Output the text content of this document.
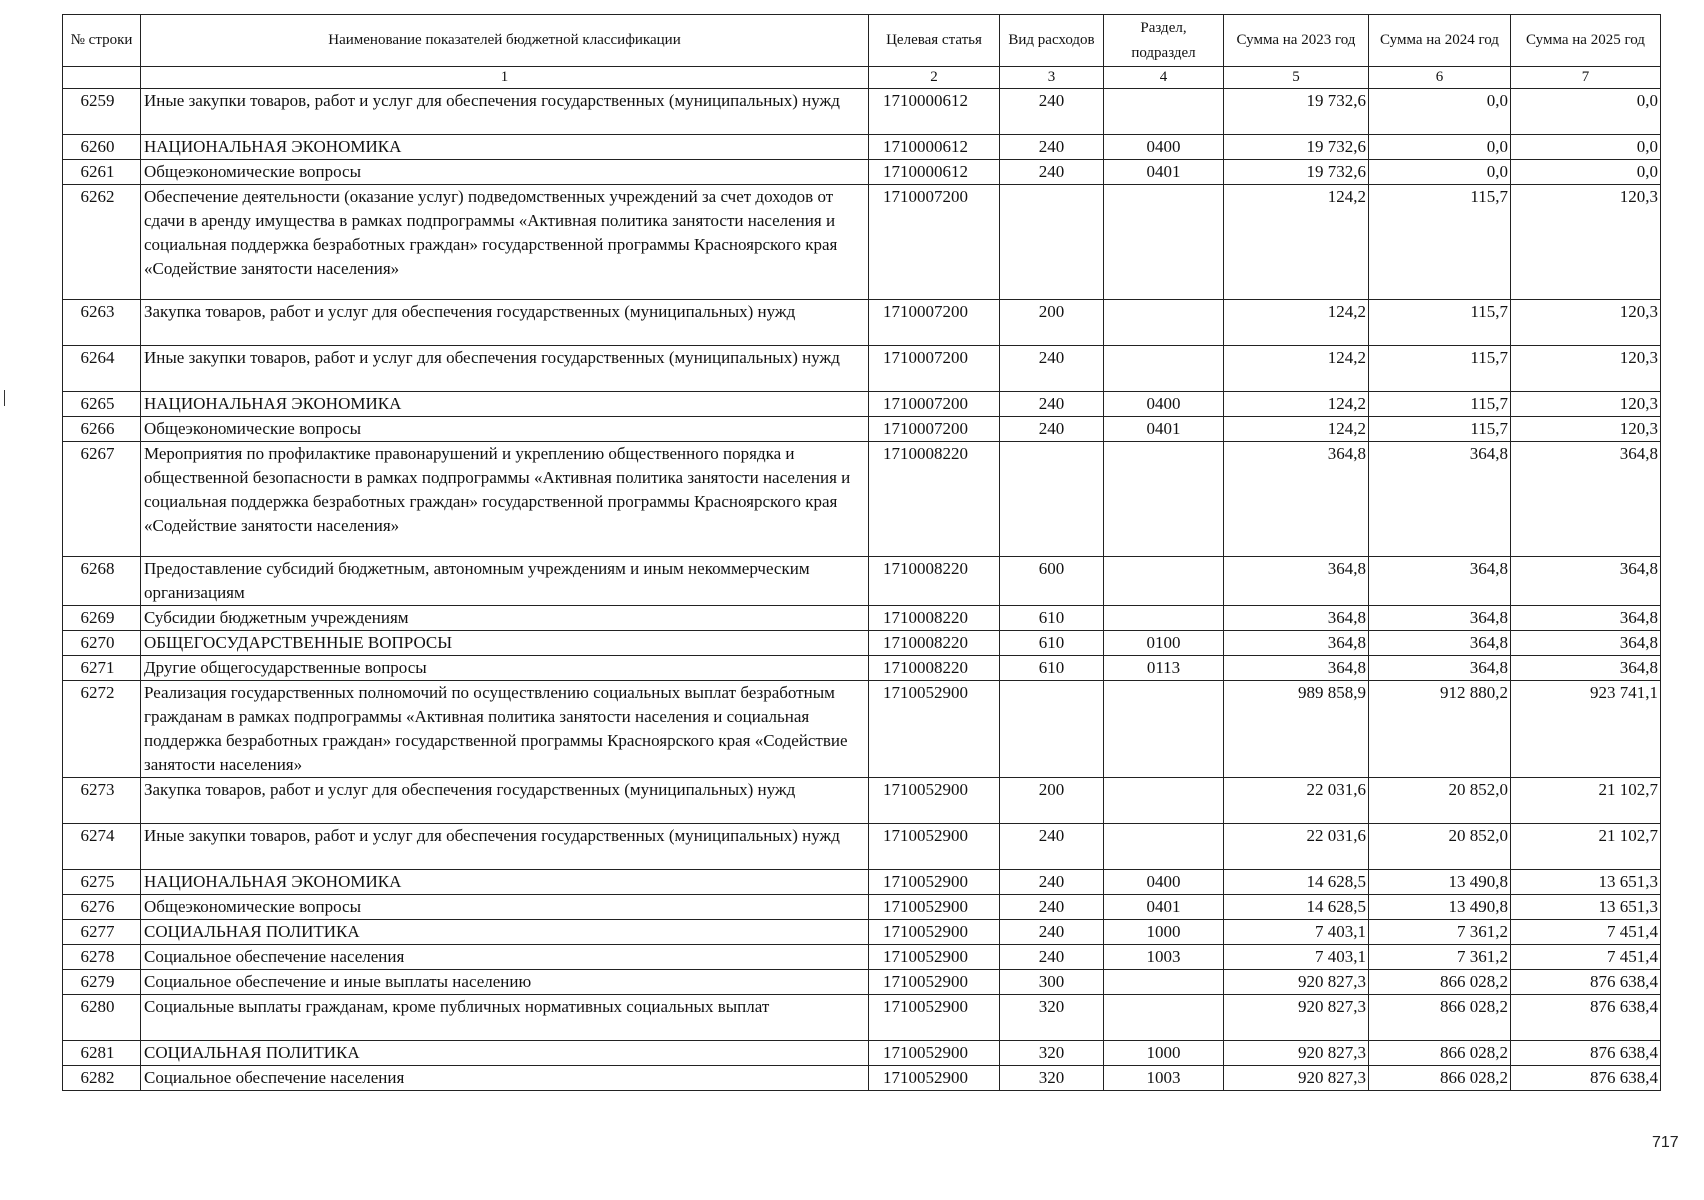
№ строки	Наименование показателей бюджетной классификации	Целевая статья	Вид расходов	Раздел, подраздел	Сумма на 2023 год	Сумма на 2024 год	Сумма на 2025 год
	1	2	3	4	5	6	7
6259	Иные закупки товаров, работ и услуг для обеспечения государственных (муниципальных) нужд	1710000612	240		19 732,6	0,0	0,0
6260	НАЦИОНАЛЬНАЯ ЭКОНОМИКА	1710000612	240	0400	19 732,6	0,0	0,0
6261	Общеэкономические вопросы	1710000612	240	0401	19 732,6	0,0	0,0
6262	Обеспечение деятельности (оказание услуг) подведомственных учреждений за счет доходов от сдачи в аренду имущества в рамках подпрограммы «Активная политика занятости населения и социальная поддержка безработных граждан» государственной программы Красноярского края «Содействие занятости населения»	1710007200			124,2	115,7	120,3
6263	Закупка товаров, работ и услуг для обеспечения государственных (муниципальных) нужд	1710007200	200		124,2	115,7	120,3
6264	Иные закупки товаров, работ и услуг для обеспечения государственных (муниципальных) нужд	1710007200	240		124,2	115,7	120,3
6265	НАЦИОНАЛЬНАЯ ЭКОНОМИКА	1710007200	240	0400	124,2	115,7	120,3
6266	Общеэкономические вопросы	1710007200	240	0401	124,2	115,7	120,3
6267	Мероприятия по профилактике правонарушений и укреплению общественного порядка и общественной безопасности в рамках подпрограммы «Активная политика занятости населения и социальная поддержка безработных граждан» государственной программы Красноярского края «Содействие занятости населения»	1710008220			364,8	364,8	364,8
6268	Предоставление субсидий бюджетным, автономным учреждениям и иным некоммерческим организациям	1710008220	600		364,8	364,8	364,8
6269	Субсидии бюджетным учреждениям	1710008220	610		364,8	364,8	364,8
6270	ОБЩЕГОСУДАРСТВЕННЫЕ ВОПРОСЫ	1710008220	610	0100	364,8	364,8	364,8
6271	Другие общегосударственные вопросы	1710008220	610	0113	364,8	364,8	364,8
6272	Реализация государственных полномочий по осуществлению социальных выплат безработным гражданам в рамках подпрограммы «Активная политика занятости населения и социальная поддержка безработных граждан» государственной программы Красноярского края «Содействие занятости населения»	1710052900			989 858,9	912 880,2	923 741,1
6273	Закупка товаров, работ и услуг для обеспечения государственных (муниципальных) нужд	1710052900	200		22 031,6	20 852,0	21 102,7
6274	Иные закупки товаров, работ и услуг для обеспечения государственных (муниципальных) нужд	1710052900	240		22 031,6	20 852,0	21 102,7
6275	НАЦИОНАЛЬНАЯ ЭКОНОМИКА	1710052900	240	0400	14 628,5	13 490,8	13 651,3
6276	Общеэкономические вопросы	1710052900	240	0401	14 628,5	13 490,8	13 651,3
6277	СОЦИАЛЬНАЯ ПОЛИТИКА	1710052900	240	1000	7 403,1	7 361,2	7 451,4
6278	Социальное обеспечение населения	1710052900	240	1003	7 403,1	7 361,2	7 451,4
6279	Социальное обеспечение и иные выплаты населению	1710052900	300		920 827,3	866 028,2	876 638,4
6280	Социальные выплаты гражданам, кроме публичных нормативных социальных выплат	1710052900	320		920 827,3	866 028,2	876 638,4
6281	СОЦИАЛЬНАЯ ПОЛИТИКА	1710052900	320	1000	920 827,3	866 028,2	876 638,4
6282	Социальное обеспечение населения	1710052900	320	1003	920 827,3	866 028,2	876 638,4
717
